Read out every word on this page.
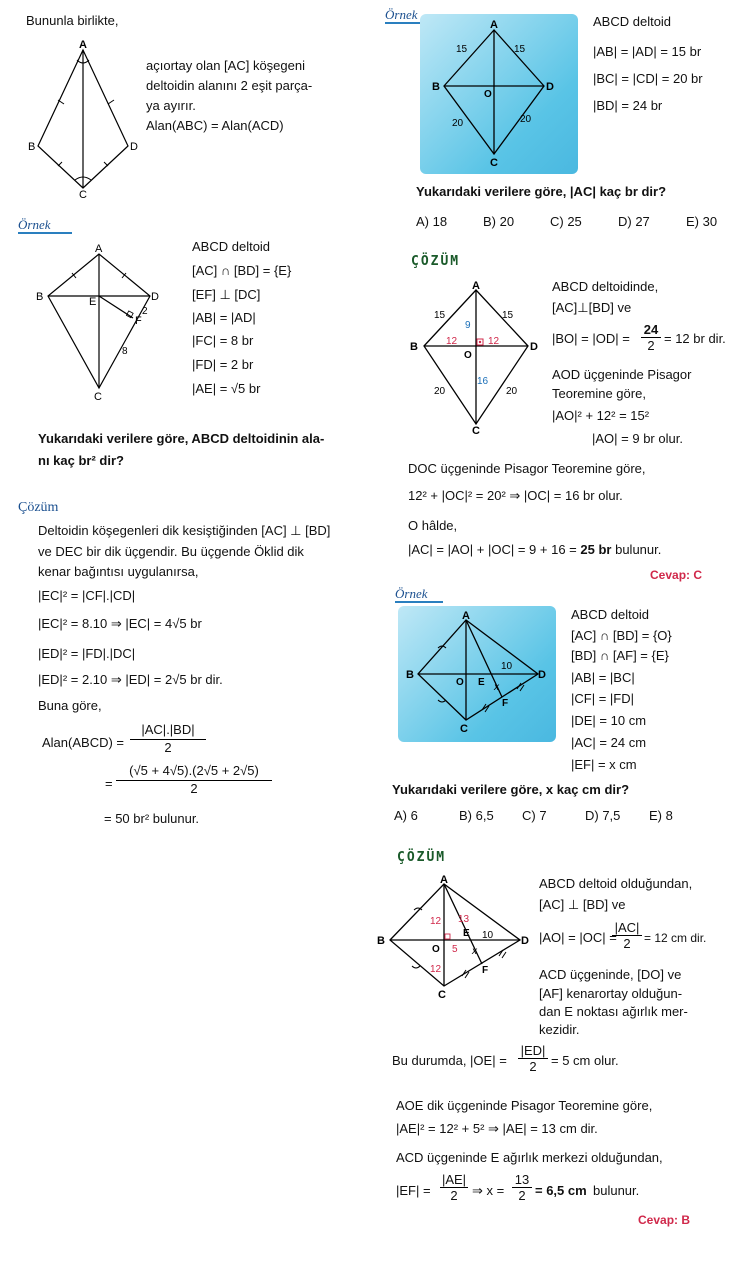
Bununla birlikte,
A
B
C
D
açıortay olan [AC] köşegeni
deltoidin alanını 2 eşit parça-
ya ayırır.
Alan(ABC) = Alan(ACD)
Örnek
A
B
C
D
E
F
2
8
ABCD deltoid
[AC] ∩ [BD] = {E}
[EF] ⊥ [DC]
|AB| = |AD|
|FC| = 8 br
|FD| = 2 br
|AE| = √5 br
Yukarıdaki verilere göre, ABCD deltoidinin ala-
nı kaç br² dir?
Çözüm
Deltoidin köşegenleri dik kesiştiğinden [AC] ⊥ [BD]
ve DEC bir dik üçgendir. Bu üçgende Öklid dik
kenar bağıntısı uygulanırsa,
|EC|² = |CF|.|CD|
|EC|² = 8.10 ⇒ |EC| = 4√5 br
|ED|² = |FD|.|DC|
|ED|² = 2.10 ⇒ |ED| = 2√5 br dir.
Buna göre,
Alan(ABCD) = $\frac{|AC|.|BD|}{2}$
= $\frac{(√5 + 4√5).(2√5 + 2√5)}{2}$
= 50 br² bulunur.
Örnek
A
B
C
D
O
15	15
20	20
ABCD deltoid
|AB| = |AD| = 15 br
|BC| = |CD| = 20 br
|BD| = 24 br
Yukarıdaki verilere göre, |AC| kaç br dir?
A) 18	B) 20	C) 25	D) 27	E) 30
ÇÖZÜM
A
B
C
D
O
15	15
20	20
9
12	12
16
ABCD deltoidinde,
[AC]⊥[BD] ve
$|BO| = |OD| = \frac{24}{2} = 12$ br dir.
AOD üçgeninde Pisagor
Teoremine göre,
|AO|² + 12² = 15²
|AO| = 9 br olur.
DOC üçgeninde Pisagor Teoremine göre,
12² + |OC|² = 20² ⇒ |OC| = 16 br olur.
O hâlde,
|AC| = |AO| + |OC| = 9 + 16 = 25 br bulunur.
Cevap: C
Örnek
A
B
C
D
O E
F
x
10
ABCD deltoid
[AC] ∩ [BD] = {O}
[BD] ∩ [AF] = {E}
|AB| = |BC|
|CF| = |FD|
|DE| = 10 cm
|AC| = 24 cm
|EF| = x cm
Yukarıdaki verilere göre, x kaç cm dir?
A) 6	B) 6,5 C) 7	D) 7,5 E) 8
ÇÖZÜM
A
B
C
D
O
E
F
x
10
12
12
13
5
ABCD deltoid olduğundan,
[AC] ⊥ [BD] ve
|AO| = |OC| =
$\frac{|AC|}{2} = 12$ cm dir.
ACD üçgeninde, [DO] ve
[AF] kenarortay olduğun-
dan E noktası ağırlık mer-
kezidir.
Bu durumda, $|OE| = \frac{|ED|}{2} = 5$ cm olur.
AOE dik üçgeninde Pisagor Teoremine göre,
|AE|² = 12² + 5² ⇒ |AE| = 13 cm dir.
ACD üçgeninde E ağırlık merkezi olduğundan,
$|EF| = \frac{|AE|}{2}$ ⇒ $x = \frac{13}{2} = 6,5$ cm bulunur.
Cevap: B
